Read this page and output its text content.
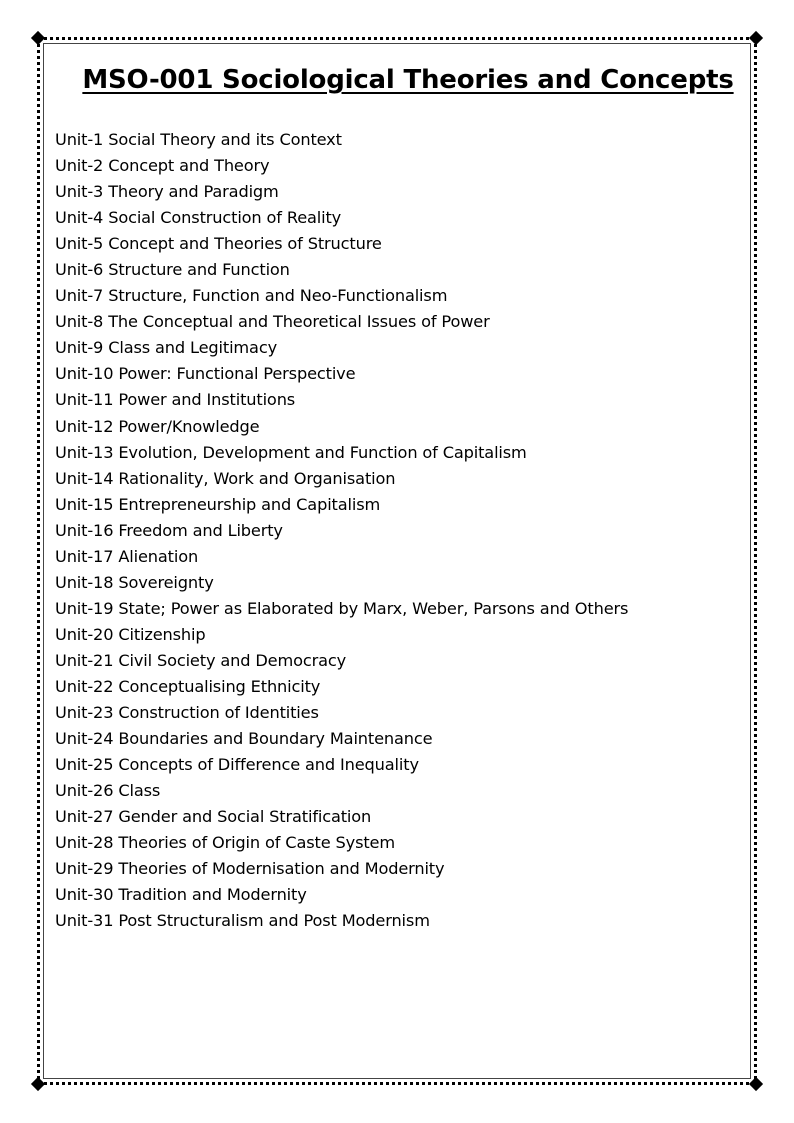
MSO-001 Sociological Theories and Concepts
Unit-1 Social Theory and its Context
Unit-2 Concept and Theory
Unit-3 Theory and Paradigm
Unit-4 Social Construction of Reality
Unit-5 Concept and Theories of Structure
Unit-6 Structure and Function
Unit-7 Structure, Function and Neo-Functionalism
Unit-8 The Conceptual and Theoretical Issues of Power
Unit-9 Class and Legitimacy
Unit-10 Power: Functional Perspective
Unit-11 Power and Institutions
Unit-12 Power/Knowledge
Unit-13 Evolution, Development and Function of Capitalism
Unit-14 Rationality, Work and Organisation
Unit-15 Entrepreneurship and Capitalism
Unit-16 Freedom and Liberty
Unit-17 Alienation
Unit-18 Sovereignty
Unit-19 State; Power as Elaborated by Marx, Weber, Parsons and Others
Unit-20 Citizenship
Unit-21 Civil Society and Democracy
Unit-22 Conceptualising Ethnicity
Unit-23 Construction of Identities
Unit-24 Boundaries and Boundary Maintenance
Unit-25 Concepts of Difference and Inequality
Unit-26 Class
Unit-27 Gender and Social Stratification
Unit-28 Theories of Origin of Caste System
Unit-29 Theories of Modernisation and Modernity
Unit-30 Tradition and Modernity
Unit-31 Post Structuralism and Post Modernism
